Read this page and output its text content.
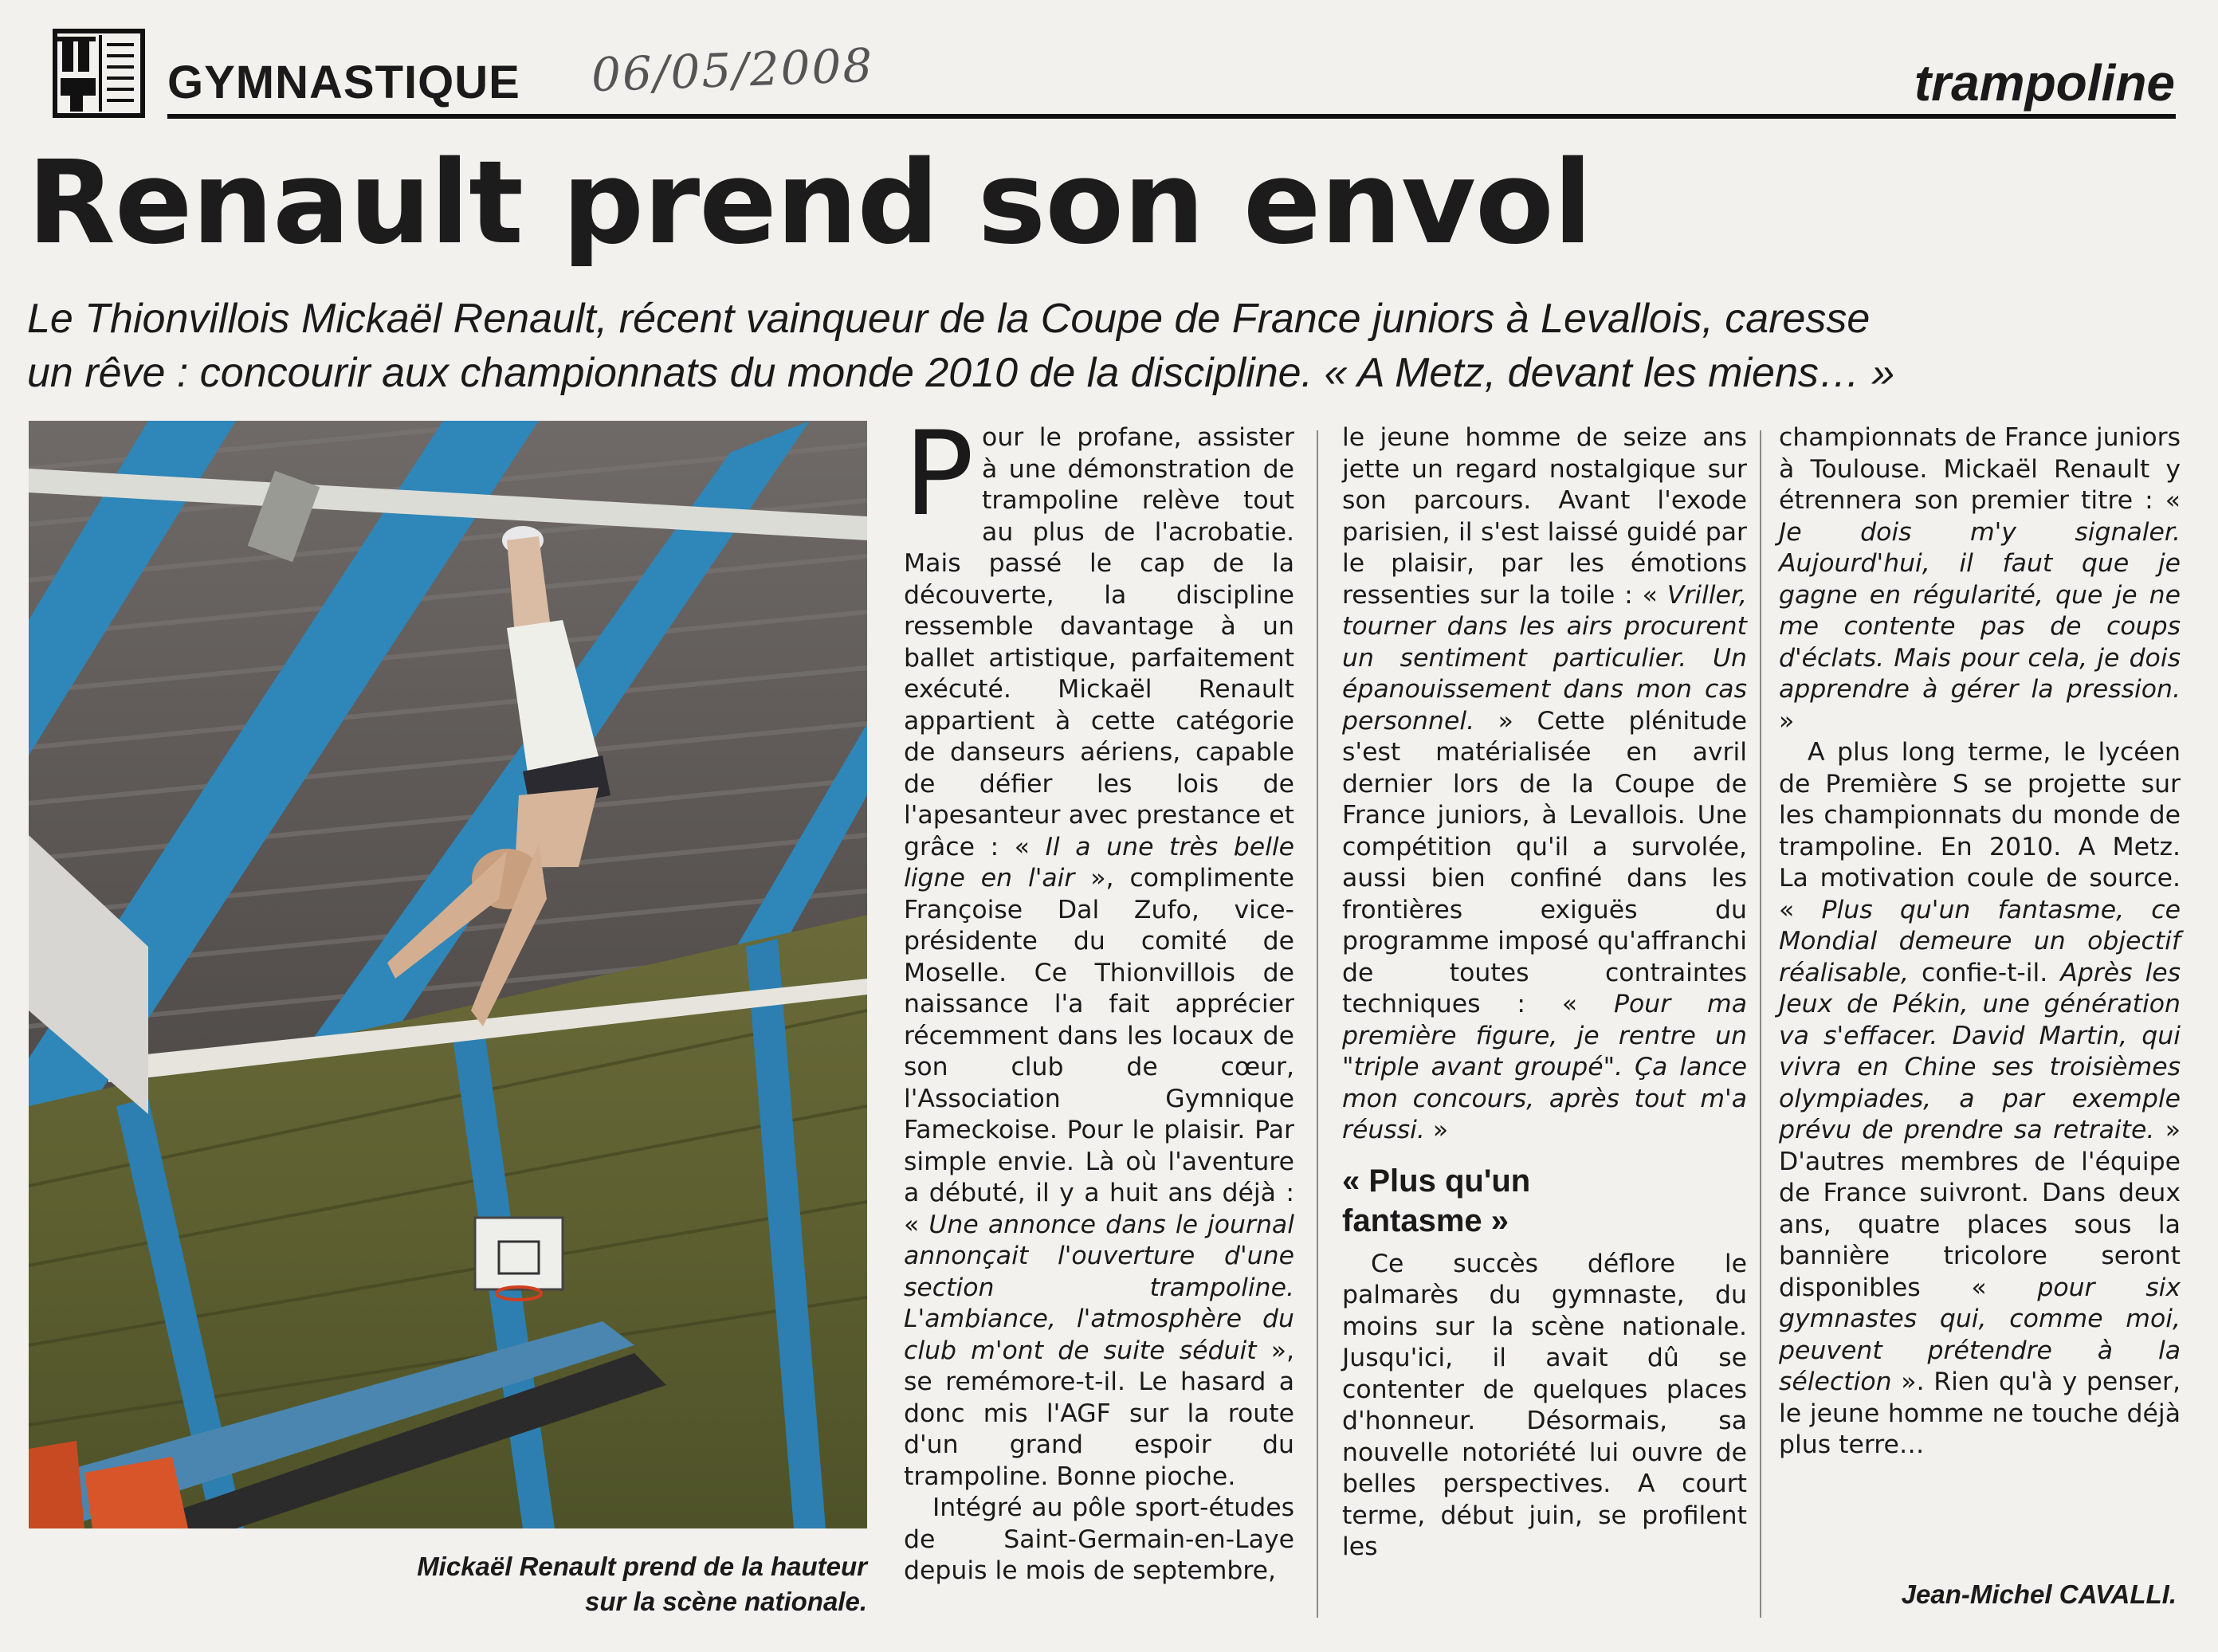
GYMNASTIQUE 06/05/2008	trampoline
Renault prend son envol
Le Thionvillois Mickaël Renault, récent vainqueur de la Coupe de France juniors à Levallois, caresse
un rêve : concourir aux championnats du monde 2010 de la discipline. « A Metz, devant les miens… »
Mickaël Renault prend de la hauteur
sur la scène nationale.

Pour le profane, assister à une démonstration de trampoline relève tout au plus de l'acrobatie. Mais passé le cap de la découverte, la discipline ressemble davantage à un ballet artistique, parfaitement exécuté. Mickaël Renault appartient à cette catégorie de danseurs aériens, capable de défier les lois de l'apesanteur avec prestance et grâce : « Il a une très belle ligne en l'air », complimente Françoise Dal Zufo, vice-présidente du comité de Moselle. Ce Thionvillois de naissance l'a fait apprécier récemment dans les locaux de son club de cœur, l'Association Gymnique Fameckoise. Pour le plaisir. Par simple envie. Là où l'aventure a débuté, il y a huit ans déjà : « Une annonce dans le journal annonçait l'ouverture d'une section trampoline. L'ambiance, l'atmosphère du club m'ont de suite séduit », se remémore-t-il. Le hasard a donc mis l'AGF sur la route d'un grand espoir du trampoline. Bonne pioche.

Intégré au pôle sport-études de Saint-Germain-en-Laye depuis le mois de septembre,

le jeune homme de seize ans jette un regard nostalgique sur son parcours. Avant l'exode parisien, il s'est laissé guidé par le plaisir, par les émotions ressenties sur la toile : « Vriller, tourner dans les airs procurent un sentiment particulier. Un épanouissement dans mon cas personnel. » Cette plénitude s'est matérialisée en avril dernier lors de la Coupe de France juniors, à Levallois. Une compétition qu'il a survolée, aussi bien confiné dans les frontières exiguës du programme imposé qu'affranchi de toutes contraintes techniques : « Pour ma première figure, je rentre un "triple avant groupé". Ça lance mon concours, après tout m'a réussi. »

« Plus qu'un
fantasme »

Ce succès déflore le palmarès du gymnaste, du moins sur la scène nationale. Jusqu'ici, il avait dû se contenter de quelques places d'honneur. Désormais, sa nouvelle notoriété lui ouvre de belles perspectives. A court terme, début juin, se profilent les

championnats de France juniors à Toulouse. Mickaël Renault y étrennera son premier titre : « Je dois m'y signaler. Aujourd'hui, il faut que je gagne en régularité, que je ne me contente pas de coups d'éclats. Mais pour cela, je dois apprendre à gérer la pression. »

A plus long terme, le lycéen de Première S se projette sur les championnats du monde de trampoline. En 2010. A Metz. La motivation coule de source. « Plus qu'un fantasme, ce Mondial demeure un objectif réalisable, confie-t-il. Après les Jeux de Pékin, une génération va s'effacer. David Martin, qui vivra en Chine ses troisièmes olympiades, a par exemple prévu de prendre sa retraite. » D'autres membres de l'équipe de France suivront. Dans deux ans, quatre places sous la bannière tricolore seront disponibles « pour six gymnastes qui, comme moi, peuvent prétendre à la sélection ». Rien qu'à y penser, le jeune homme ne touche déjà plus terre…

Jean-Michel CAVALLI.
